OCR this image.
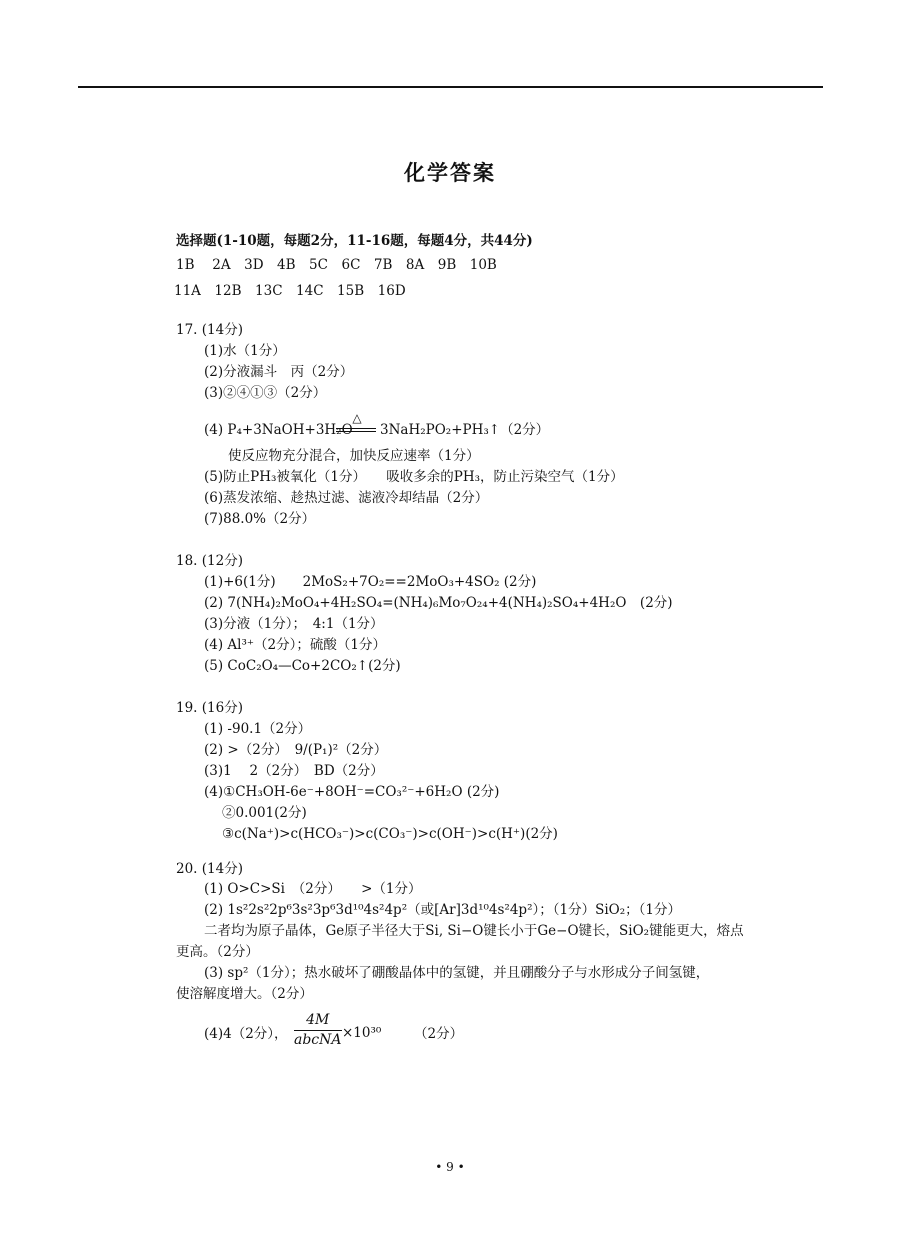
化学答案
选择题(1-10题，每题2分，11-16题，每题4分，共44分)
1B　 2A　3D　4B　5C　6C　7B　8A　9B　10B
11A　12B　13C　14C　15B　16D
17. (14分)
(1)水（1分）
(2)分液漏斗　丙（2分）
(3)②④①③（2分）
(4) P₄+3NaOH+3H₂O
△
3NaH₂PO₂+PH₃↑（2分）
使反应物充分混合，加快反应速率（1分）
(5)防止PH₃被氧化（1分）　　吸收多余的PH₃，防止污染空气（1分）
(6)蒸发浓缩、趁热过滤、滤液冷却结晶（2分）
(7)88.0%（2分）
18. (12分)
(1)+6(1分)　　2MoS₂+7O₂==2MoO₃+4SO₂ (2分)
(2) 7(NH₄)₂MoO₄+4H₂SO₄=(NH₄)₆Mo₇O₂₄+4(NH₄)₂SO₄+4H₂O　(2分)
(3)分液（1分）；　4:1（1分）
(4) Al³⁺（2分）；硫酸（1分）
(5) CoC₂O₄—Co+2CO₂↑(2分)
19. (16分)
(1) -90.1（2分）
(2) >（2分）　9/(P₁)²（2分）
(3)1　 2（2分）　BD（2分）
(4)①CH₃OH-6e⁻+8OH⁻=CO₃²⁻+6H₂O (2分)
②0.001(2分)
③c(Na⁺)>c(HCO₃⁻)>c(CO₃⁻)>c(OH⁻)>c(H⁺)(2分)
20. (14分)
(1) O>C>Si　（2分）　　>（1分）
(2) 1s²2s²2p⁶3s²3p⁶3d¹⁰4s²4p²（或[Ar]3d¹⁰4s²4p²）；（1分）SiO₂；（1分）
二者均为原子晶体，Ge原子半径大于Si, Si−O键长小于Ge−O键长，SiO₂键能更大，熔点
更高。（2分）
(3) sp²（1分）；热水破坏了硼酸晶体中的氢键，并且硼酸分子与水形成分子间氢键，
使溶解度增大。（2分）
(4)4（2分），
4M
abcNA ×10³⁰ （2分）
• 9 •
